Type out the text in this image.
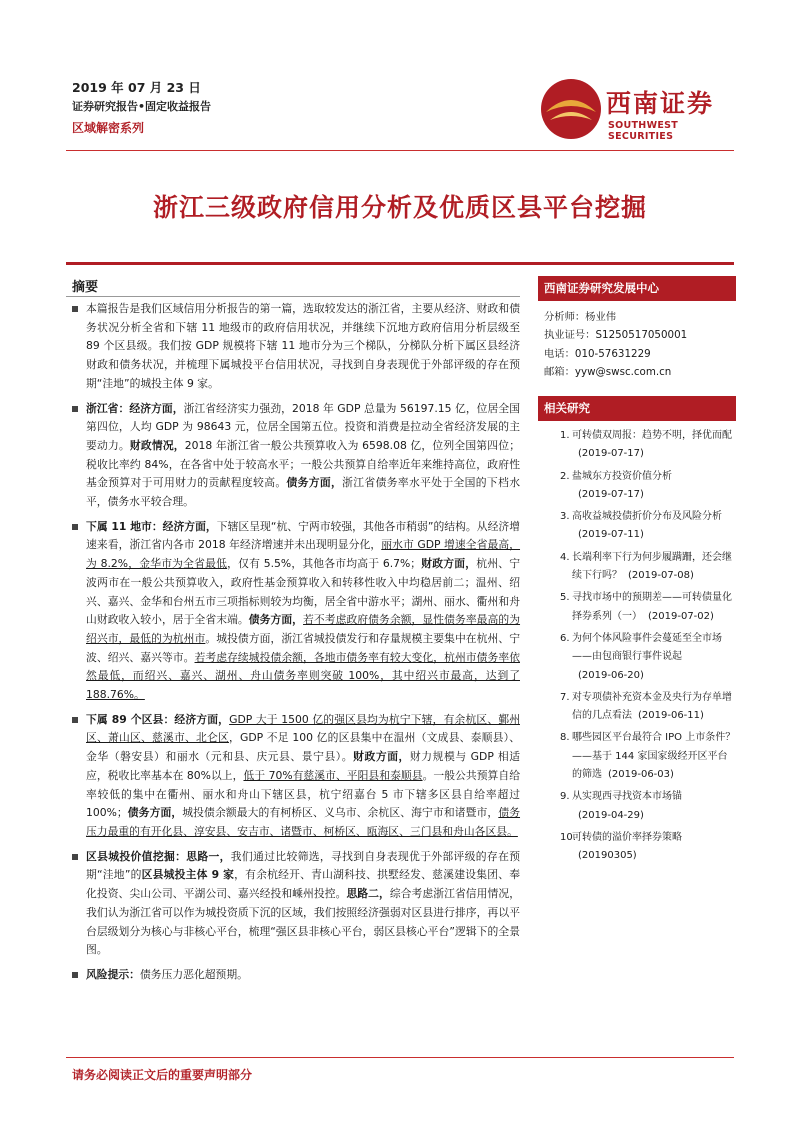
2019 年 07 月 23 日
证券研究报告•固定收益报告
区域解密系列
西南证券
SOUTHWEST SECURITIES
浙江三级政府信用分析及优质区县平台挖掘
摘要
本篇报告是我们区域信用分析报告的第一篇，选取较发达的浙江省，主要从经济、财政和债务状况分析全省和下辖 11 地级市的政府信用状况，并继续下沉地方政府信用分析层级至 89 个区县级。我们按 GDP 规模将下辖 11 地市分为三个梯队，分梯队分析下属区县经济财政和债务状况，并梳理下属城投平台信用状况，寻找到自身表现优于外部评级的存在预期“洼地”的城投主体 9 家。
浙江省：经济方面，浙江省经济实力强劲，2018 年 GDP 总量为 56197.15 亿，位居全国第四位，人均 GDP 为 98643 元，位居全国第五位。投资和消费是拉动全省经济发展的主要动力。财政情况，2018 年浙江省一般公共预算收入为 6598.08 亿，位列全国第四位；税收比率约 84%，在各省中处于较高水平；一般公共预算自给率近年来维持高位，政府性基金预算对于可用财力的贡献程度较高。债务方面，浙江省债务率水平处于全国的下档水平，债务水平较合理。
下属 11 地市：经济方面，下辖区呈现“杭、宁两市较强，其他各市稍弱”的结构。从经济增速来看，浙江省内各市 2018 年经济增速并未出现明显分化，丽水市 GDP 增速全省最高，为 8.2%，金华市为全省最低，仅有 5.5%，其他各市均高于 6.7%；财政方面，杭州、宁波两市在一般公共预算收入，政府性基金预算收入和转移性收入中均稳居前二；温州、绍兴、嘉兴、金华和台州五市三项指标则较为均衡，居全省中游水平；湖州、丽水、衢州和舟山财政收入较小，居于全省末端。债务方面，若不考虑政府债务余额，显性债务率最高的为绍兴市，最低的为杭州市。城投债方面，浙江省城投债发行和存量规模主要集中在杭州、宁波、绍兴、嘉兴等市。若考虑存续城投债余额，各地市债务率有较大变化，杭州市债务率依然最低，而绍兴、嘉兴、湖州、舟山债务率则突破 100%，其中绍兴市最高，达到了 188.76%。
下属 89 个区县：经济方面，GDP 大于 1500 亿的强区县均为杭宁下辖，有余杭区、鄞州区、萧山区、慈溪市、北仑区，GDP 不足 100 亿的区县集中在温州（文成县、泰顺县）、金华（磐安县）和丽水（元和县、庆元县、景宁县）。财政方面，财力规模与 GDP 相适应，税收比率基本在 80%以上，低于 70%有慈溪市、平阳县和泰顺县。一般公共预算自给率较低的集中在衢州、丽水和舟山下辖区县，杭宁绍嘉台 5 市下辖多区县自给率超过 100%；债务方面，城投债余额最大的有柯桥区、义乌市、余杭区、海宁市和诸暨市，债务压力最重的有开化县、淳安县、安吉市、诸暨市、柯桥区、瓯海区、三门县和舟山各区县。
区县城投价值挖掘：思路一，我们通过比较筛选，寻找到自身表现优于外部评级的存在预期“洼地”的区县城投主体 9 家，有余杭经开、青山湖科技、拱墅经发、慈溪建设集团、奉化投资、尖山公司、平湖公司、嘉兴经投和嵊州投控。思路二，综合考虑浙江省信用情况，我们认为浙江省可以作为城投资质下沉的区域，我们按照经济强弱对区县进行排序，再以平台层级划分为核心与非核心平台，梳理“强区县非核心平台，弱区县核心平台”逻辑下的全景图。
风险提示：债务压力恶化超预期。
西南证券研究发展中心
分析师：杨业伟
执业证号：S1250517050001
电话：010-57631229
邮箱：yyw@swsc.com.cn
相关研究
1. 可转债双周报：趋势不明，择优而配(2019-07-17)
2. 盐城东方投资价值分析(2019-07-17)
3. 高收益城投债折价分布及风险分析(2019-07-11)
4. 长端利率下行为何步履蹒跚，还会继续下行吗？ (2019-07-08)
5. 寻找市场中的预期差——可转债量化择券系列（一） (2019-07-02)
6. 为何个体风险事件会蔓延至全市场——由包商银行事件说起(2019-06-20)
7. 对专项债补充资本金及央行为存单增信的几点看法 (2019-06-11)
8. 哪些园区平台最符合 IPO 上市条件？——基于 144 家国家级经开区平台的筛选 (2019-06-03)
9. 从实现西寻找资本市场锚(2019-04-29)
10.
可转债的溢价率择券策略(20190305)
请务必阅读正文后的重要声明部分
